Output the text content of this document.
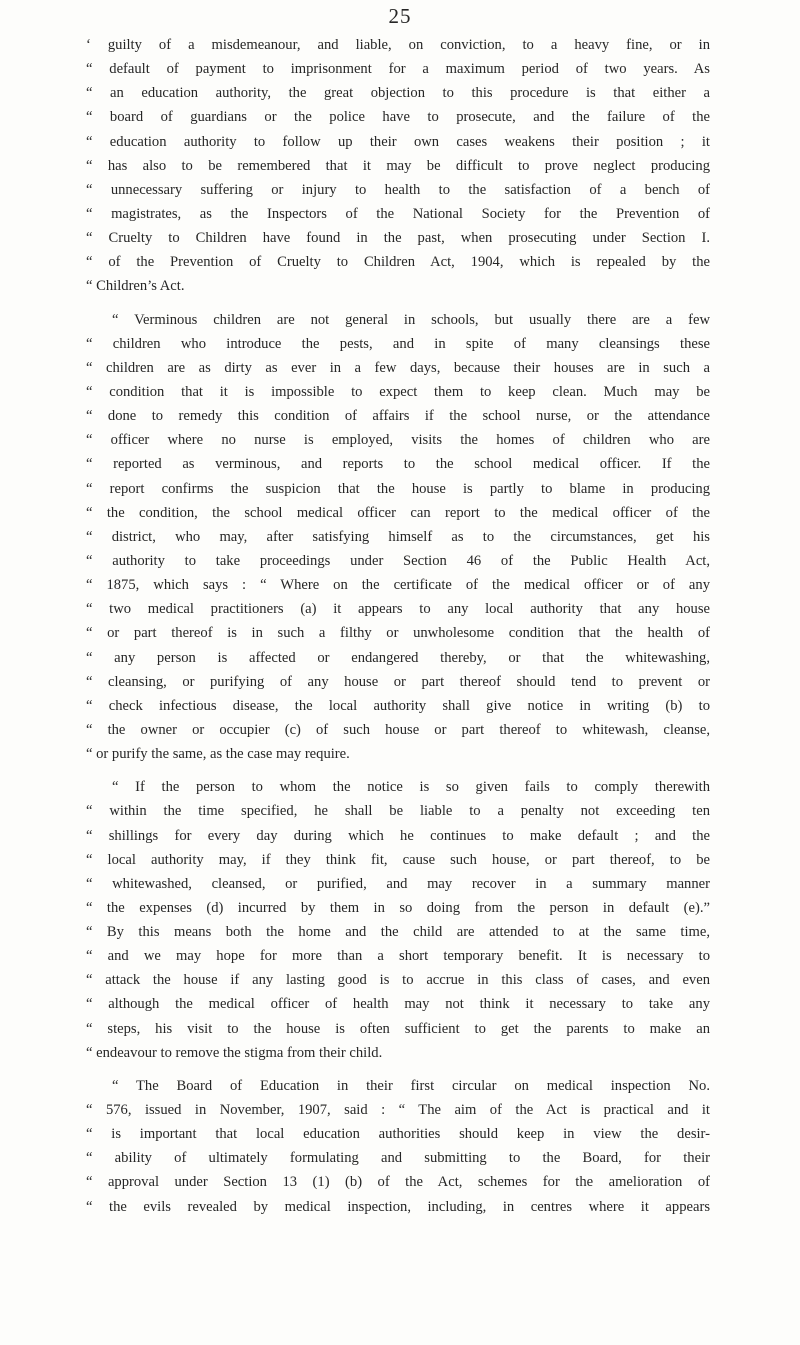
25
‘ guilty of a misdemeanour, and liable, on conviction, to a heavy fine, or in
“ default of payment to imprisonment for a maximum period of two years. As
“ an education authority, the great objection to this procedure is that either a
“ board of guardians or the police have to prosecute, and the failure of the
“ education authority to follow up their own cases weakens their position ; it
“ has also to be remembered that it may be difficult to prove neglect producing
“ unnecessary suffering or injury to health to the satisfaction of a bench of
“ magistrates, as the Inspectors of the National Society for the Prevention of
“ Cruelty to Children have found in the past, when prosecuting under Section I.
“ of the Prevention of Cruelty to Children Act, 1904, which is repealed by the
“ Children’s Act.
“ Verminous children are not general in schools, but usually there are a few
“ children who introduce the pests, and in spite of many cleansings these
“ children are as dirty as ever in a few days, because their houses are in such a
“ condition that it is impossible to expect them to keep clean. Much may be
“ done to remedy this condition of affairs if the school nurse, or the attendance
“ officer where no nurse is employed, visits the homes of children who are
“ reported as verminous, and reports to the school medical officer. If the
“ report confirms the suspicion that the house is partly to blame in producing
“ the condition, the school medical officer can report to the medical officer of the
“ district, who may, after satisfying himself as to the circumstances, get his
“ authority to take proceedings under Section 46 of the Public Health Act,
“ 1875, which says : “ Where on the certificate of the medical officer or of any
“ two medical practitioners (a) it appears to any local authority that any house
“ or part thereof is in such a filthy or unwholesome condition that the health of
“ any person is affected or endangered thereby, or that the whitewashing,
“ cleansing, or purifying of any house or part thereof should tend to prevent or
“ check infectious disease, the local authority shall give notice in writing (b) to
“ the owner or occupier (c) of such house or part thereof to whitewash, cleanse,
“ or purify the same, as the case may require.
“ If the person to whom the notice is so given fails to comply therewith
“ within the time specified, he shall be liable to a penalty not exceeding ten
“ shillings for every day during which he continues to make default ; and the
“ local authority may, if they think fit, cause such house, or part thereof, to be
“ whitewashed, cleansed, or purified, and may recover in a summary manner
“ the expenses (d) incurred by them in so doing from the person in default (e).”
“ By this means both the home and the child are attended to at the same time,
“ and we may hope for more than a short temporary benefit. It is necessary to
“ attack the house if any lasting good is to accrue in this class of cases, and even
“ although the medical officer of health may not think it necessary to take any
“ steps, his visit to the house is often sufficient to get the parents to make an
“ endeavour to remove the stigma from their child.
“ The Board of Education in their first circular on medical inspection No.
“ 576, issued in November, 1907, said : “ The aim of the Act is practical and it
“ is important that local education authorities should keep in view the desir-
“ ability of ultimately formulating and submitting to the Board, for their
“ approval under Section 13 (1) (b) of the Act, schemes for the amelioration of
“ the evils revealed by medical inspection, including, in centres where it appears
